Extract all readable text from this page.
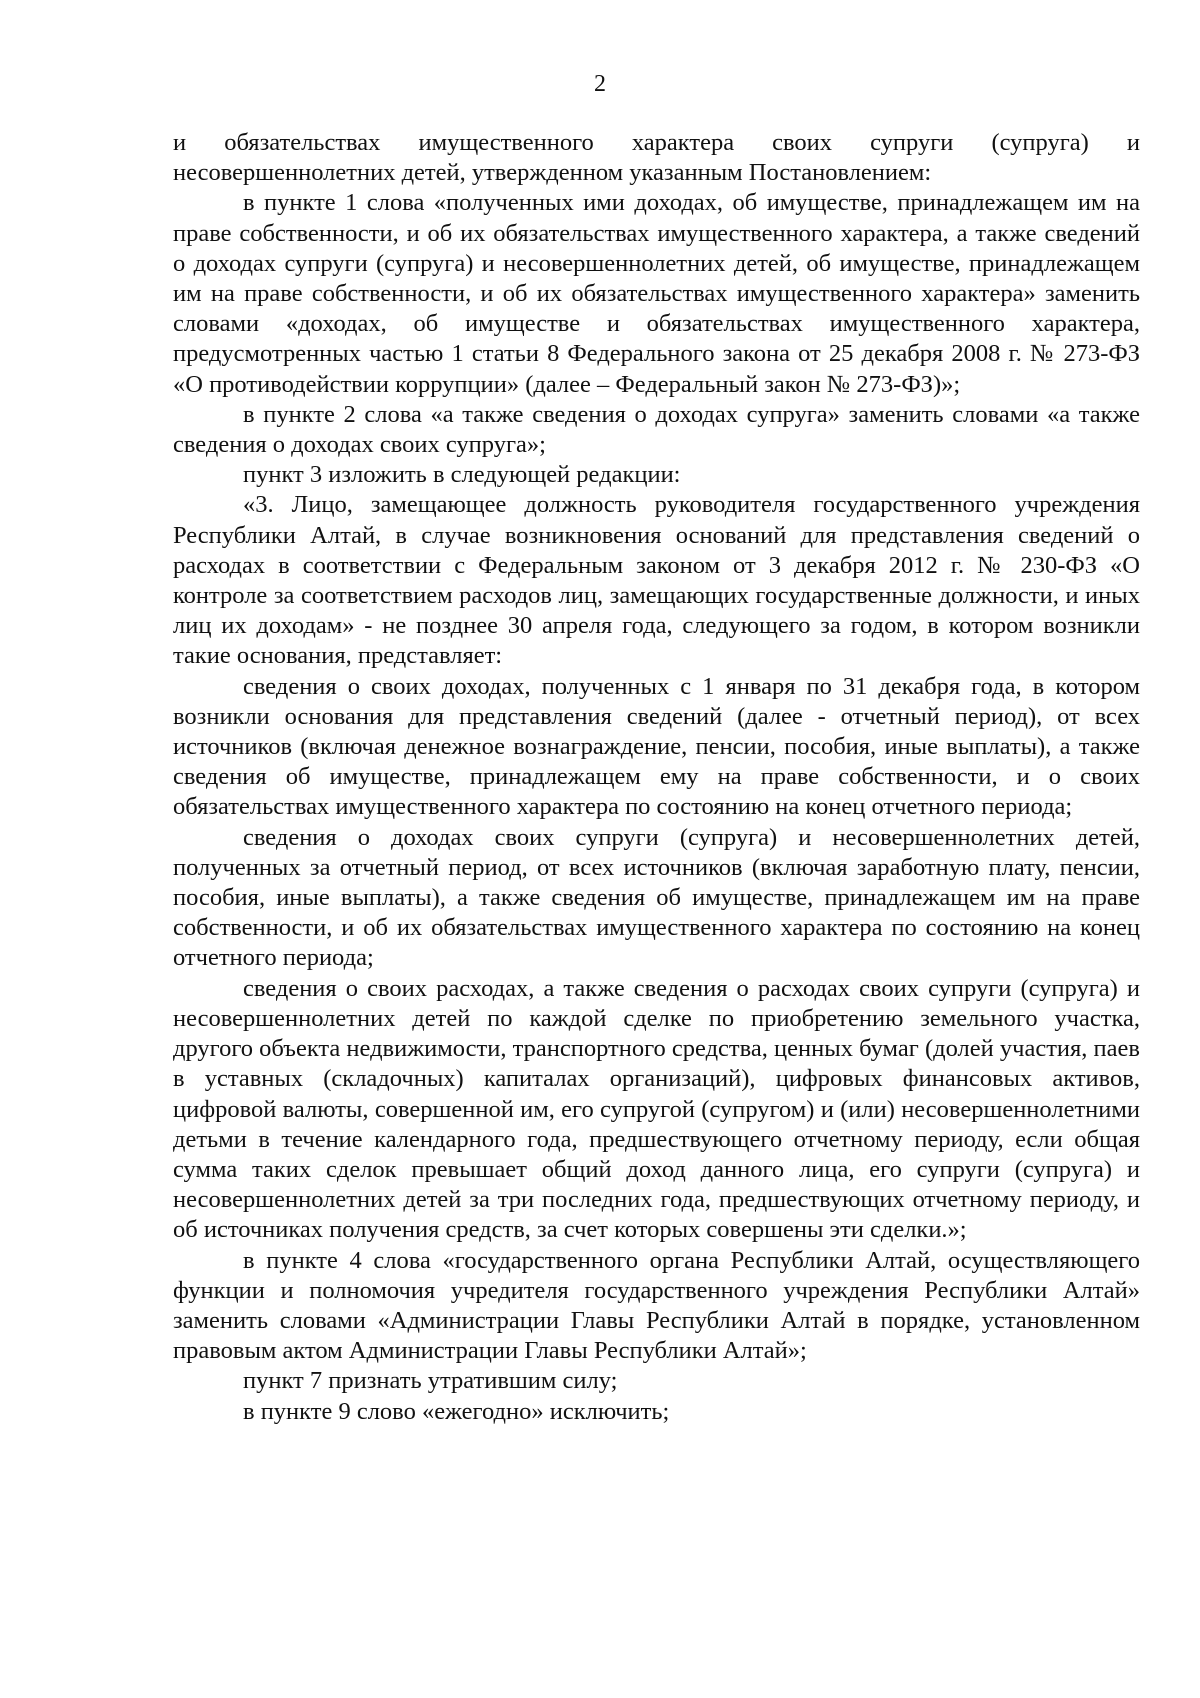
2

и обязательствах имущественного характера своих супруги (супруга) и несовершеннолетних детей, утвержденном указанным Постановлением:

в пункте 1 слова «полученных ими доходах, об имуществе, принадлежащем им на праве собственности, и об их обязательствах имущественного характера, а также сведений о доходах супруги (супруга) и несовершеннолетних детей, об имуществе, принадлежащем им на праве собственности, и об их обязательствах имущественного характера» заменить словами «доходах, об имуществе и обязательствах имущественного характера, предусмотренных частью 1 статьи 8 Федерального закона от 25 декабря 2008 г. № 273-ФЗ «О противодействии коррупции» (далее – Федеральный закон № 273-ФЗ)»;

в пункте 2 слова «а также сведения о доходах супруга» заменить словами «а также сведения о доходах своих супруга»;

пункт 3 изложить в следующей редакции:

«3. Лицо, замещающее должность руководителя государственного учреждения Республики Алтай, в случае возникновения оснований для представления сведений о расходах в соответствии с Федеральным законом от 3 декабря 2012 г. № 230-ФЗ «О контроле за соответствием расходов лиц, замещающих государственные должности, и иных лиц их доходам» - не позднее 30 апреля года, следующего за годом, в котором возникли такие основания, представляет:

сведения о своих доходах, полученных с 1 января по 31 декабря года, в котором возникли основания для представления сведений (далее - отчетный период), от всех источников (включая денежное вознаграждение, пенсии, пособия, иные выплаты), а также сведения об имуществе, принадлежащем ему на праве собственности, и о своих обязательствах имущественного характера по состоянию на конец отчетного периода;

сведения о доходах своих супруги (супруга) и несовершеннолетних детей, полученных за отчетный период, от всех источников (включая заработную плату, пенсии, пособия, иные выплаты), а также сведения об имуществе, принадлежащем им на праве собственности, и об их обязательствах имущественного характера по состоянию на конец отчетного периода;

сведения о своих расходах, а также сведения о расходах своих супруги (супруга) и несовершеннолетних детей по каждой сделке по приобретению земельного участка, другого объекта недвижимости, транспортного средства, ценных бумаг (долей участия, паев в уставных (складочных) капиталах организаций), цифровых финансовых активов, цифровой валюты, совершенной им, его супругой (супругом) и (или) несовершеннолетними детьми в течение календарного года, предшествующего отчетному периоду, если общая сумма таких сделок превышает общий доход данного лица, его супруги (супруга) и несовершеннолетних детей за три последних года, предшествующих отчетному периоду, и об источниках получения средств, за счет которых совершены эти сделки.»;

в пункте 4 слова «государственного органа Республики Алтай, осуществляющего функции и полномочия учредителя государственного учреждения Республики Алтай» заменить словами «Администрации Главы Республики Алтай в порядке, установленном правовым актом Администрации Главы Республики Алтай»;

пункт 7 признать утратившим силу;

в пункте 9 слово «ежегодно» исключить;
